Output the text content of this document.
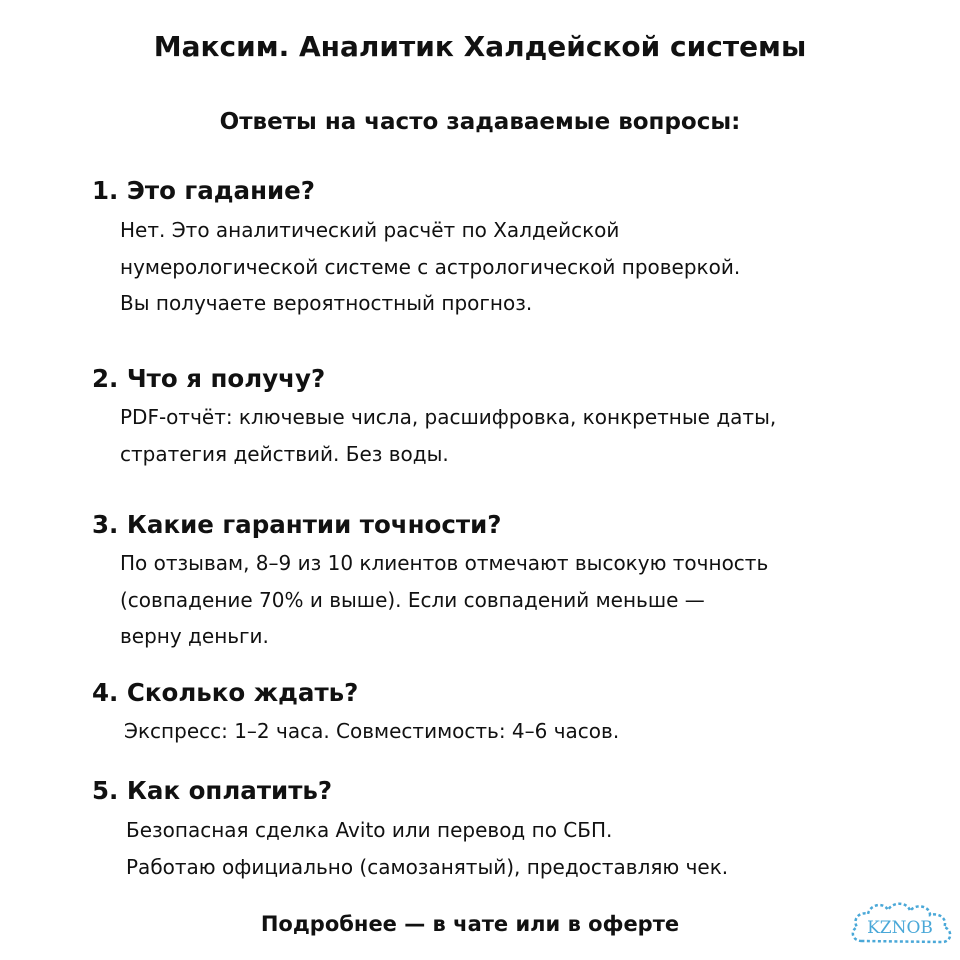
Максим. Аналитик Халдейской системы
Ответы на часто задаваемые вопросы:
1. Это гадание?
Нет. Это аналитический расчёт по Халдейской
нумерологической системе с астрологической проверкой.
Вы получаете вероятностный прогноз.
2. Что я получу?
PDF-отчёт: ключевые числа, расшифровка, конкретные даты,
стратегия действий. Без воды.
3. Какие гарантии точности?
По отзывам, 8–9 из 10 клиентов отмечают высокую точность
(совпадение 70% и выше). Если совпадений меньше —
верну деньги.
4. Сколько ждать?
Экспресс: 1–2 часа. Совместимость: 4–6 часов.
5. Как оплатить?
Безопасная сделка Avito или перевод по СБП.
Работаю официально (самозанятый), предоставляю чек.
Подробнее — в чате или в оферте	KZNOB
